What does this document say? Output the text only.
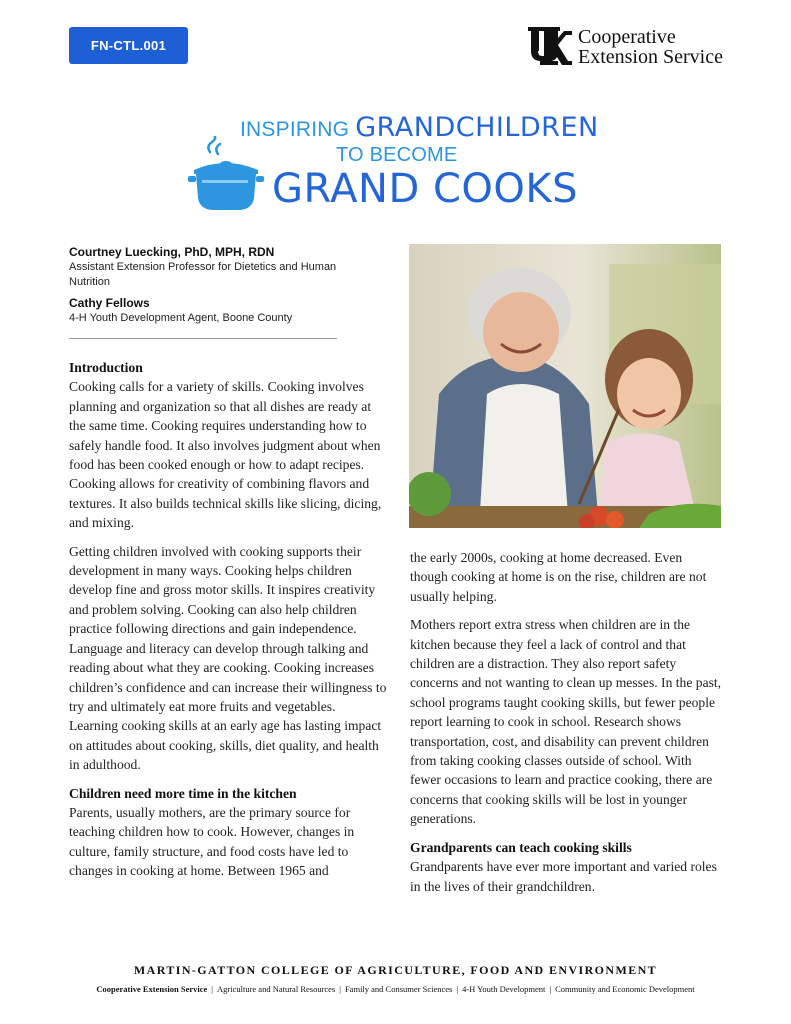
FN-CTL.001	Cooperative
Extension Service
INSPIRING GRANDCHILDREN
TO BECOME
GRAND COOKS
Courtney Luecking, PhD, MPH, RDN
Assistant Extension Professor for Dietetics and Human Nutrition
Cathy Fellows
4-H Youth Development Agent, Boone County
Introduction

Cooking calls for a variety of skills. Cooking involves planning and organization so that all dishes are ready at the same time. Cooking requires understanding how to safely handle food. It also involves judgment about when food has been cooked enough or how to adapt recipes. Cooking allows for creativity of combining flavors and textures. It also builds technical skills like slicing, dicing, and mixing.

Getting children involved with cooking supports their development in many ways. Cooking helps children develop fine and gross motor skills. It inspires creativity and problem solving. Cooking can also help children practice following directions and gain independence. Language and literacy can develop through talking and reading about what they are cooking. Cooking increases children’s confidence and can increase their willingness to try and ultimately eat more fruits and vegetables. Learning cooking skills at an early age has lasting impact on attitudes about cooking, skills, diet quality, and health in adulthood.

Children need more time in the kitchen

Parents, usually mothers, are the primary source for teaching children how to cook. However, changes in culture, family structure, and food costs have led to changes in cooking at home. Between 1965 and

the early 2000s, cooking at home decreased. Even though cooking at home is on the rise, children are not usually helping.

Mothers report extra stress when children are in the kitchen because they feel a lack of control and that children are a distraction. They also report safety concerns and not wanting to clean up messes. In the past, school programs taught cooking skills, but fewer people report learning to cook in school. Research shows transportation, cost, and disability can prevent children from taking cooking classes outside of school. With fewer occasions to learn and practice cooking, there are concerns that cooking skills will be lost in younger generations.

Grandparents can teach cooking skills

Grandparents have ever more important and varied roles in the lives of their grandchildren.

MARTIN-GATTON COLLEGE OF AGRICULTURE, FOOD AND ENVIRONMENT
Cooperative Extension Service | Agriculture and Natural Resources | Family and Consumer Sciences | 4-H Youth Development | Community and Economic Development
